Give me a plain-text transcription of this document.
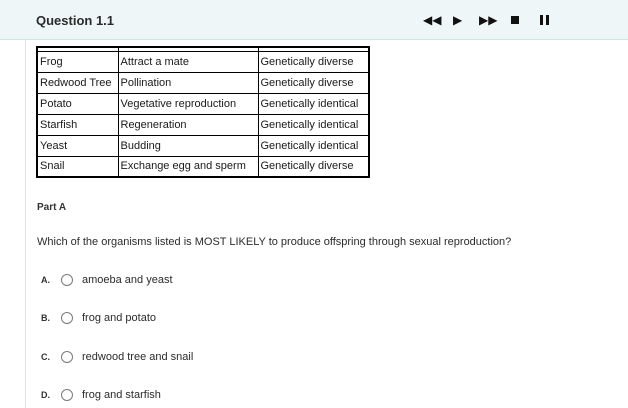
Question 1.1	◀◀ ▶ ▶▶

Frog	Attract a mate	Genetically diverse
Redwood Tree	Pollination	Genetically diverse
Potato	Vegetative reproduction	Genetically identical
Starfish	Regeneration	Genetically identical
Yeast	Budding	Genetically identical
Snail	Exchange egg and sperm	Genetically diverse
Part A
Which of the organisms listed is MOST LIKELY to produce offspring through sexual reproduction?
A.	amoeba and yeast
B.	frog and potato
C.	redwood tree and snail
D.	frog and starfish
